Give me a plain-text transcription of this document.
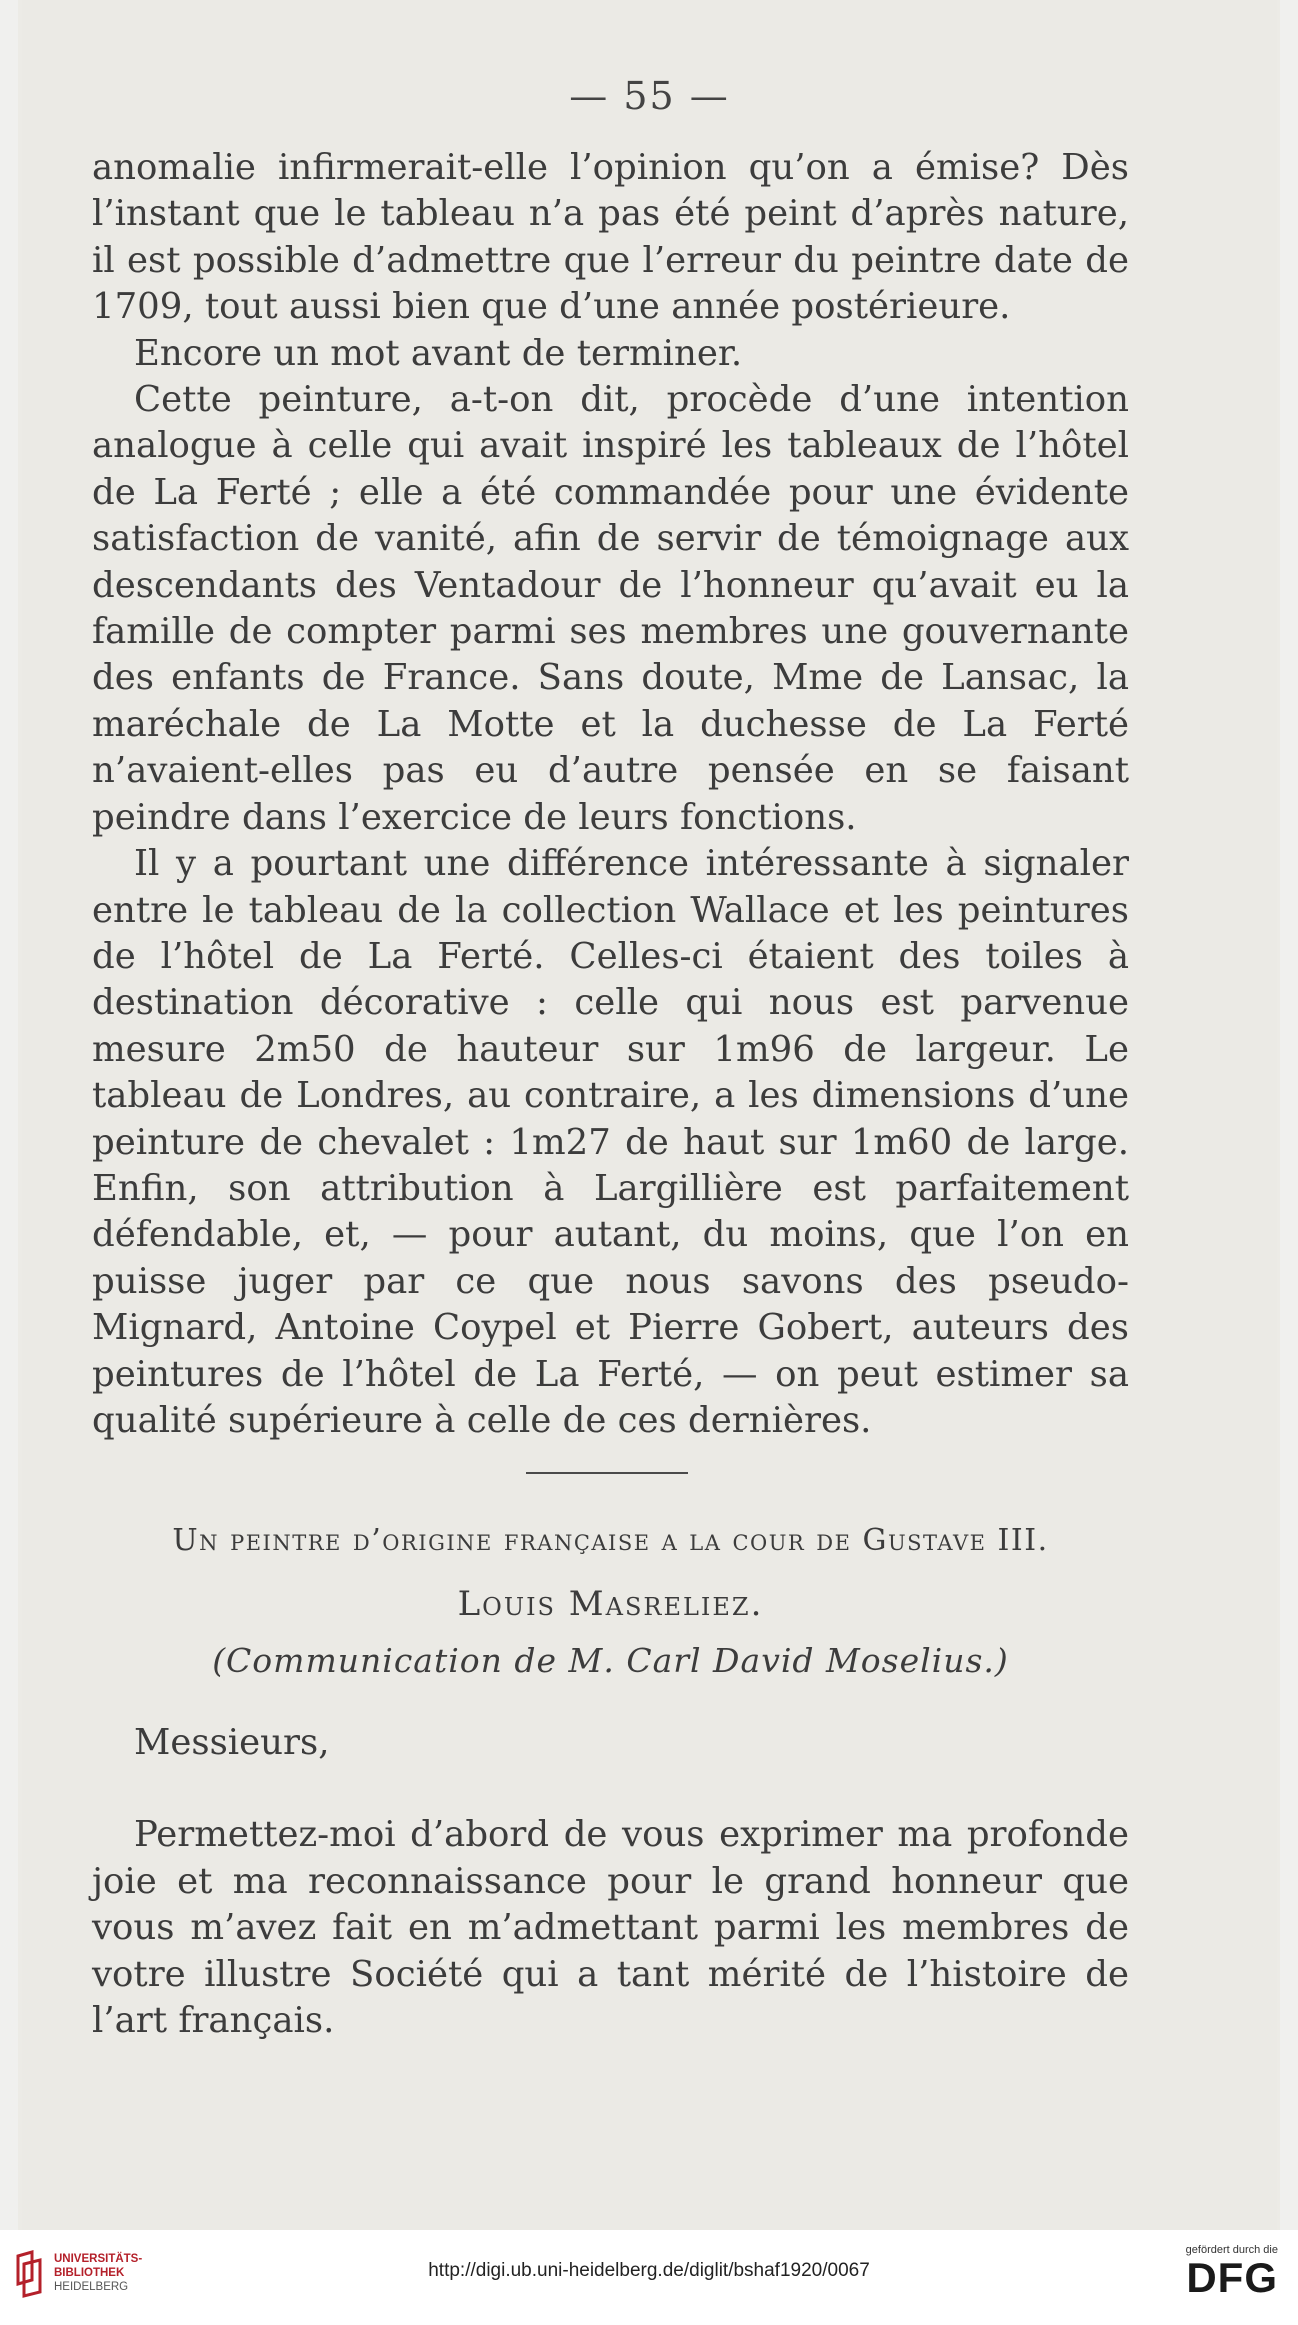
— 55 —

anomalie infirmerait-elle l’opinion qu’on a émise? Dès l’instant que le tableau n’a pas été peint d’après nature, il est possible d’admettre que l’erreur du peintre date de 1709, tout aussi bien que d’une année postérieure.

Encore un mot avant de terminer.

Cette peinture, a-t-on dit, procède d’une intention analogue à celle qui avait inspiré les tableaux de l’hôtel de La Ferté ; elle a été commandée pour une évidente satisfaction de vanité, afin de servir de témoignage aux descendants des Ventadour de l’honneur qu’avait eu la famille de compter parmi ses membres une gouvernante des enfants de France. Sans doute, Mme de Lansac, la maréchale de La Motte et la duchesse de La Ferté n’avaient-elles pas eu d’autre pensée en se faisant peindre dans l’exercice de leurs fonctions.

Il y a pourtant une différence intéressante à signaler entre le tableau de la collection Wallace et les peintures de l’hôtel de La Ferté. Celles-ci étaient des toiles à destination décorative : celle qui nous est parvenue mesure 2m50 de hauteur sur 1m96 de largeur. Le tableau de Londres, au contraire, a les dimensions d’une peinture de chevalet : 1m27 de haut sur 1m60 de large. Enfin, son attribution à Largillière est parfaitement défendable, et, — pour autant, du moins, que l’on en puisse juger par ce que nous savons des pseudo-Mignard, Antoine Coypel et Pierre Gobert, auteurs des peintures de l’hôtel de La Ferté, — on peut estimer sa qualité supérieure à celle de ces dernières.

Un peintre d’origine française a la cour de Gustave III.
Louis Masreliez.
(Communication de M. Carl David Moselius.)

Messieurs,

Permettez-moi d’abord de vous exprimer ma profonde joie et ma reconnaissance pour le grand honneur que vous m’avez fait en m’admettant parmi les membres de votre illustre Société qui a tant mérité de l’histoire de l’art français.

UNIVERSITÄTS-
BIBLIOTHEK
HEIDELBERG
http://digi.ub.uni-heidelberg.de/diglit/bshaf1920/0067
gefördert durch die
DFG
